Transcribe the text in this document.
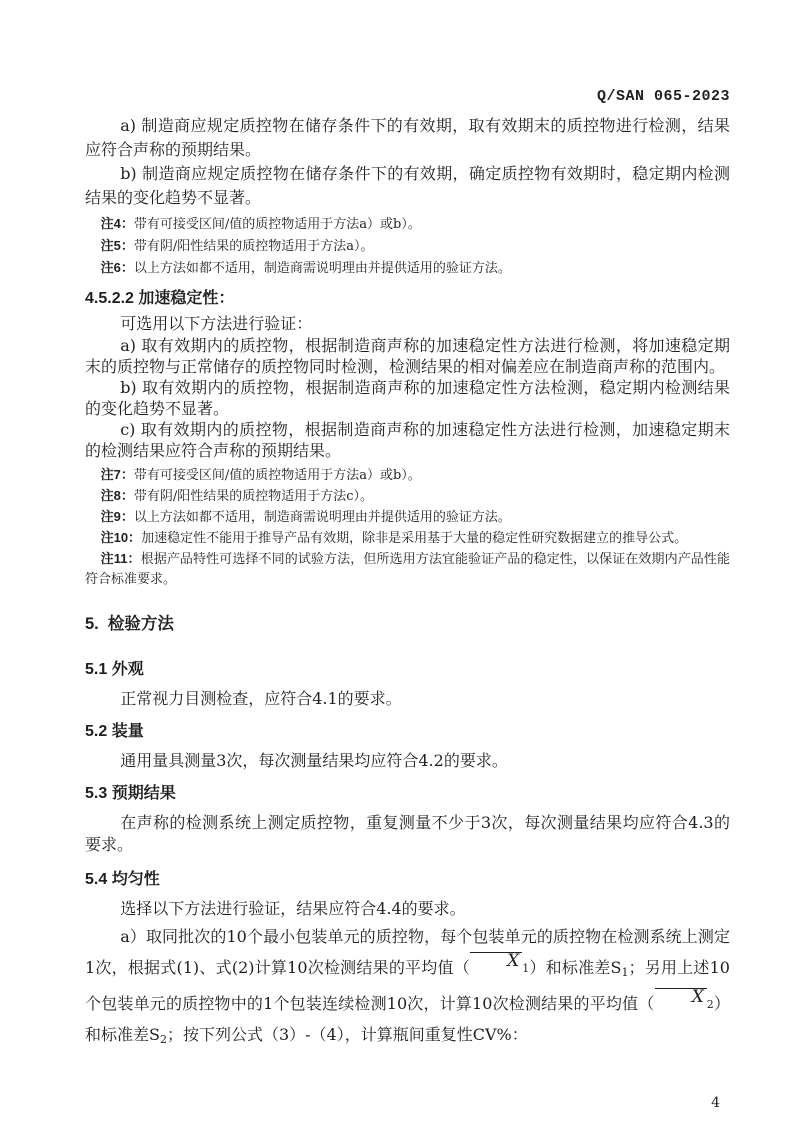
Q/SAN 065-2023

a) 制造商应规定质控物在储存条件下的有效期，取有效期末的质控物进行检测，结果应符合声称的预期结果。

b) 制造商应规定质控物在储存条件下的有效期，确定质控物有效期时，稳定期内检测结果的变化趋势不显著。

注4：带有可接受区间/值的质控物适用于方法a）或b）。

注5：带有阴/阳性结果的质控物适用于方法a）。

注6：以上方法如都不适用，制造商需说明理由并提供适用的验证方法。

4.5.2.2 加速稳定性：

可选用以下方法进行验证：

a) 取有效期内的质控物，根据制造商声称的加速稳定性方法进行检测，将加速稳定期末的质控物与正常储存的质控物同时检测，检测结果的相对偏差应在制造商声称的范围内。

b) 取有效期内的质控物，根据制造商声称的加速稳定性方法检测，稳定期内检测结果的变化趋势不显著。

c) 取有效期内的质控物，根据制造商声称的加速稳定性方法进行检测，加速稳定期末的检测结果应符合声称的预期结果。

注7：带有可接受区间/值的质控物适用于方法a）或b）。

注8：带有阴/阳性结果的质控物适用于方法c）。

注9：以上方法如都不适用，制造商需说明理由并提供适用的验证方法。

注10：加速稳定性不能用于推导产品有效期，除非是采用基于大量的稳定性研究数据建立的推导公式。

注11：根据产品特性可选择不同的试验方法，但所选用方法宜能验证产品的稳定性，以保证在效期内产品性能符合标准要求。

5.  检验方法

5.1 外观

正常视力目测检查，应符合4.1的要求。

5.2 装量

通用量具测量3次，每次测量结果均应符合4.2的要求。

5.3 预期结果

在声称的检测系统上测定质控物，重复测量不少于3次，每次测量结果均应符合4.3的要求。

5.4 均匀性

选择以下方法进行验证，结果应符合4.4的要求。

a）取同批次的10个最小包装单元的质控物，每个包装单元的质控物在检测系统上测定1次，根据式(1)、式(2)计算10次检测结果的平均值（ X 1）和标准差S1；另用上述10个包装单元的质控物中的1个包装连续检测10次，计算10次检测结果的平均值（ X 2）和标准差S2；按下列公式（3）-（4），计算瓶间重复性CV%：

4
